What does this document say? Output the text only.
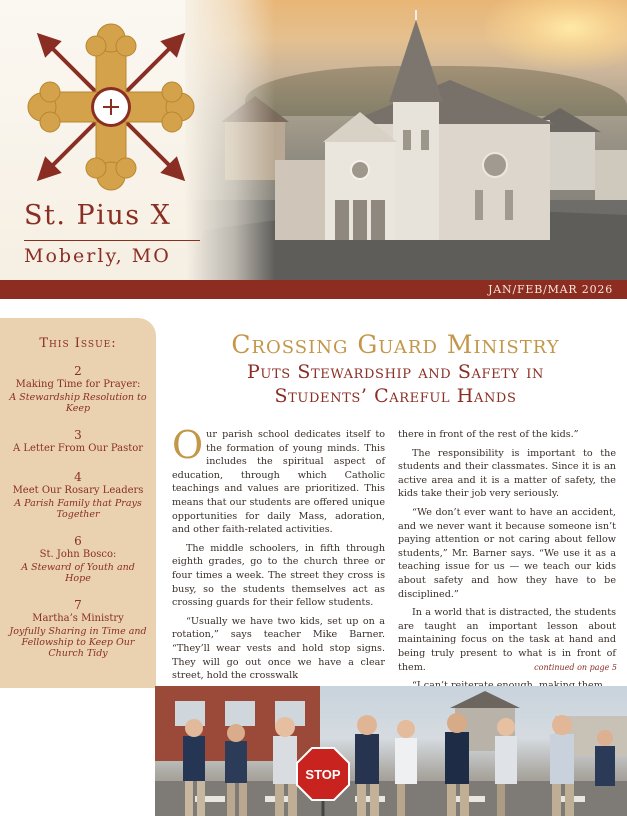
St. Pius X
Moberly, MO
JAN/FEB/MAR 2026
This Issue:
2
Making Time for Prayer:
A Stewardship Resolution to Keep
3
A Letter From Our Pastor
4
Meet Our Rosary Leaders
A Parish Family that Prays Together
6
St. John Bosco:
A Steward of Youth and Hope
7
Martha’s Ministry
Joyfully Sharing in Time and Fellowship to Keep Our Church Tidy
Crossing Guard Ministry
Puts Stewardship and Safety in
Students’ Careful Hands

Our parish school dedicates itself to the formation of young minds. This includes the spiritual aspect of education, through which Catholic teachings and values are prioritized. This means that our students are offered unique opportunities for daily Mass, adoration, and other faith-related activities.

The middle schoolers, in fifth through eighth grades, go to the church three or four times a week. The street they cross is busy, so the students themselves act as crossing guards for their fellow students.

“Usually we have two kids, set up on a rotation,” says teacher Mike Barner. “They’ll wear vests and hold stop signs. They will go out once we have a clear street, hold the crosswalk

there in front of the rest of the kids.”

The responsibility is important to the students and their classmates. Since it is an active area and it is a matter of safety, the kids take their job very seriously.

“We don’t ever want to have an accident, and we never want it because someone isn’t paying attention or not caring about fellow students,” Mr. Barner says. “We use it as a teaching issue for us — we teach our kids about safety and how they have to be disciplined.”

In a world that is distracted, the students are taught an important lesson about maintaining focus on the task at hand and being truly present to what is in front of them.	continued on page 5
STOP
